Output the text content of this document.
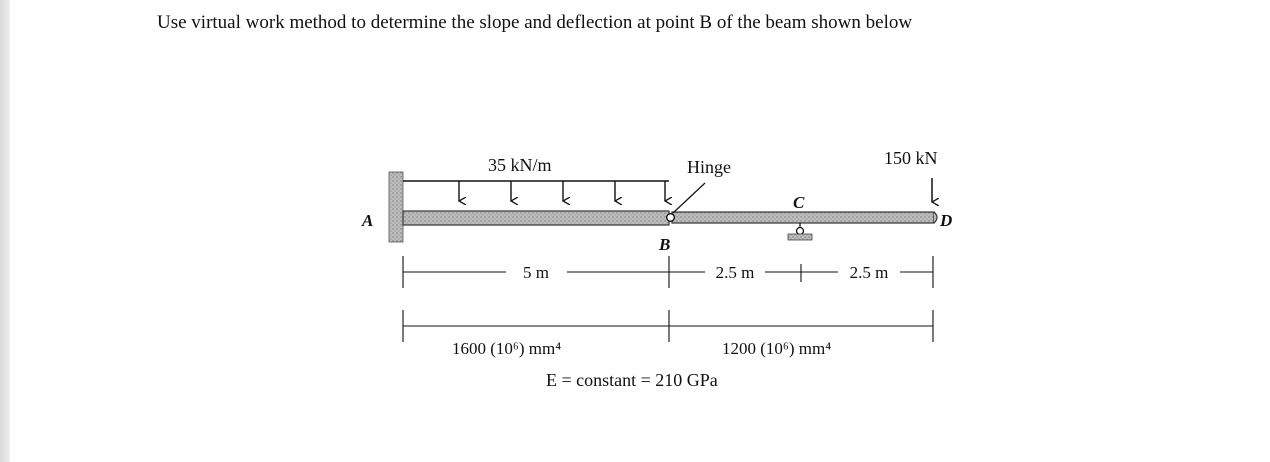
Use virtual work method to determine the slope and deflection at point B of the beam shown below
35 kN/m	Hinge	150 kN
A
B
C
D
5 m	2.5 m	2.5 m
1600 (10⁶) mm⁴	1200 (10⁶) mm⁴
E = constant = 210 GPa
